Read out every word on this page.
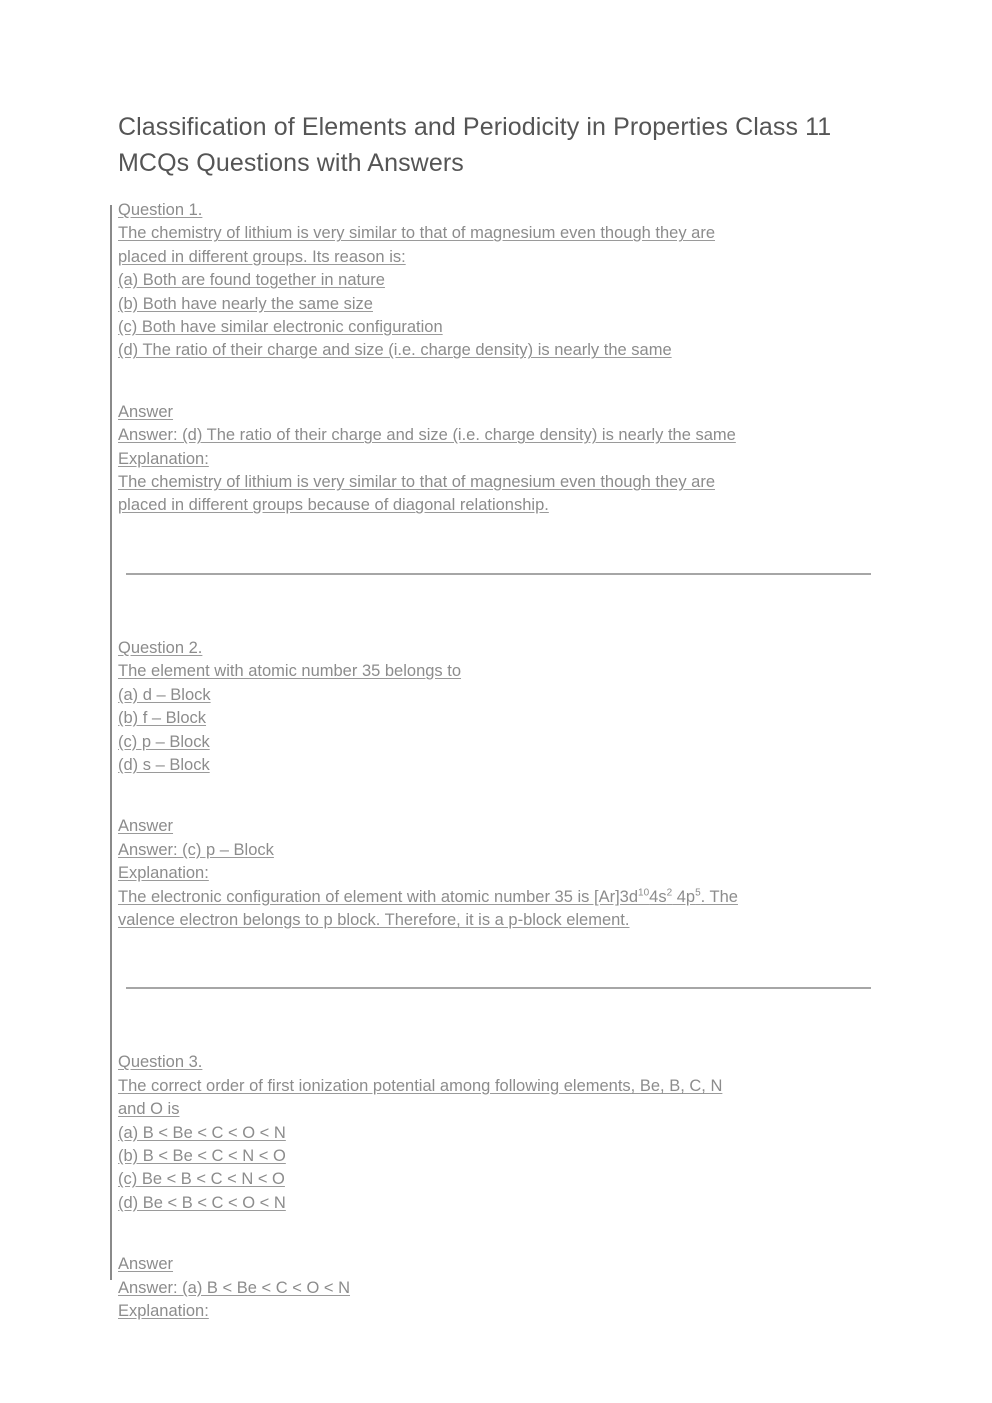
Classification of Elements and Periodicity in Properties Class 11 MCQs Questions with Answers
Question 1.
The chemistry of lithium is very similar to that of magnesium even though they are
placed in different groups. Its reason is:
(a) Both are found together in nature
(b) Both have nearly the same size
(c) Both have similar electronic configuration
(d) The ratio of their charge and size (i.e. charge density) is nearly the same
Answer
Answer: (d) The ratio of their charge and size (i.e. charge density) is nearly the same
Explanation:
The chemistry of lithium is very similar to that of magnesium even though they are
placed in different groups because of diagonal relationship.
Question 2.
The element with atomic number 35 belongs to
(a) d – Block
(b) f – Block
(c) p – Block
(d) s – Block
Answer
Answer: (c) p – Block
Explanation:
The electronic configuration of element with atomic number 35 is $[Ar]3d^{10}4s^2$ $4p^5$. The
valence electron belongs to p block. Therefore, it is a p-block element.
Question 3.
The correct order of first ionization potential among following elements, Be, B, C, N
and O is
(a) B < Be < C < O < N
(b) B < Be < C < N < O
(c) Be < B < C < N < O
(d) Be < B < C < O < N
Answer
Answer: (a) B < Be < C < O < N
Explanation:
